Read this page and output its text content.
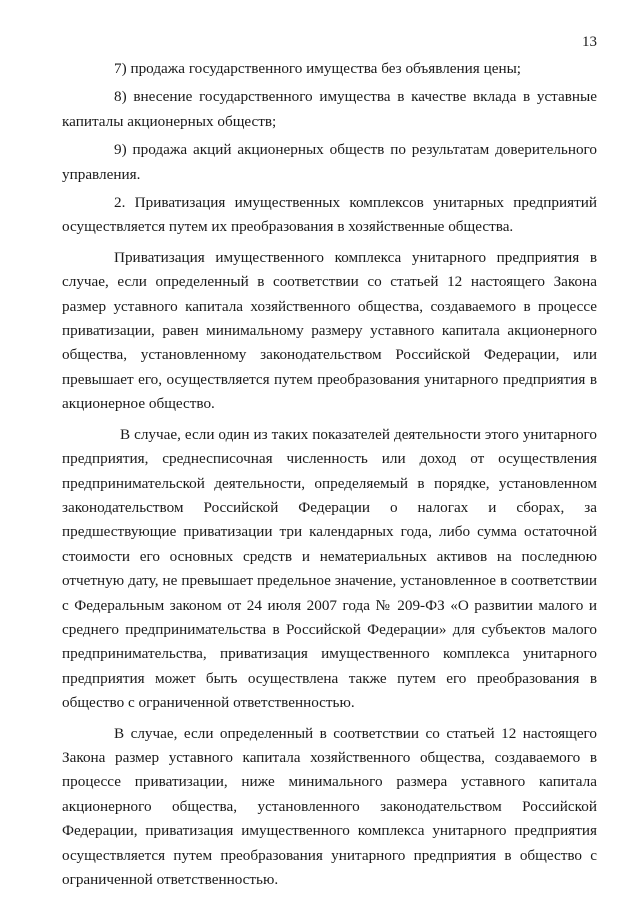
13

7) продажа государственного имущества без объявления цены;

8) внесение государственного имущества в качестве вклада в уставные капиталы акционерных обществ;

9) продажа акций акционерных обществ по результатам доверительного управления.

2. Приватизация имущественных комплексов унитарных предприятий осуществляется путем их преобразования в хозяйственные общества.

Приватизация имущественного комплекса унитарного предприятия в случае, если определенный в соответствии со статьей 12 настоящего Закона размер уставного капитала хозяйственного общества, создаваемого в процессе приватизации, равен минимальному размеру уставного капитала акционерного общества, установленному законодательством Российской Федерации, или превышает его, осуществляется путем преобразования унитарного предприятия в акционерное общество.

В случае, если один из таких показателей деятельности этого унитарного предприятия, среднесписочная численность или доход от осуществления предпринимательской деятельности, определяемый в порядке, установленном законодательством Российской Федерации о налогах и сборах, за предшествующие приватизации три календарных года, либо сумма остаточной стоимости его основных средств и нематериальных активов на последнюю отчетную дату, не превышает предельное значение, установленное в соответствии с Федеральным законом от 24 июля 2007 года № 209-ФЗ «О развитии малого и среднего предпринимательства в Российской Федерации» для субъектов малого предпринимательства, приватизация имущественного комплекса унитарного предприятия может быть осуществлена также путем его преобразования в общество с ограниченной ответственностью.

В случае, если определенный в соответствии со статьей 12 настоящего Закона размер уставного капитала хозяйственного общества, создаваемого в процессе приватизации, ниже минимального размера уставного капитала акционерного общества, установленного законодательством Российской Федерации, приватизация имущественного комплекса унитарного предприятия осуществляется путем преобразования унитарного предприятия в общество с ограниченной ответственностью.
